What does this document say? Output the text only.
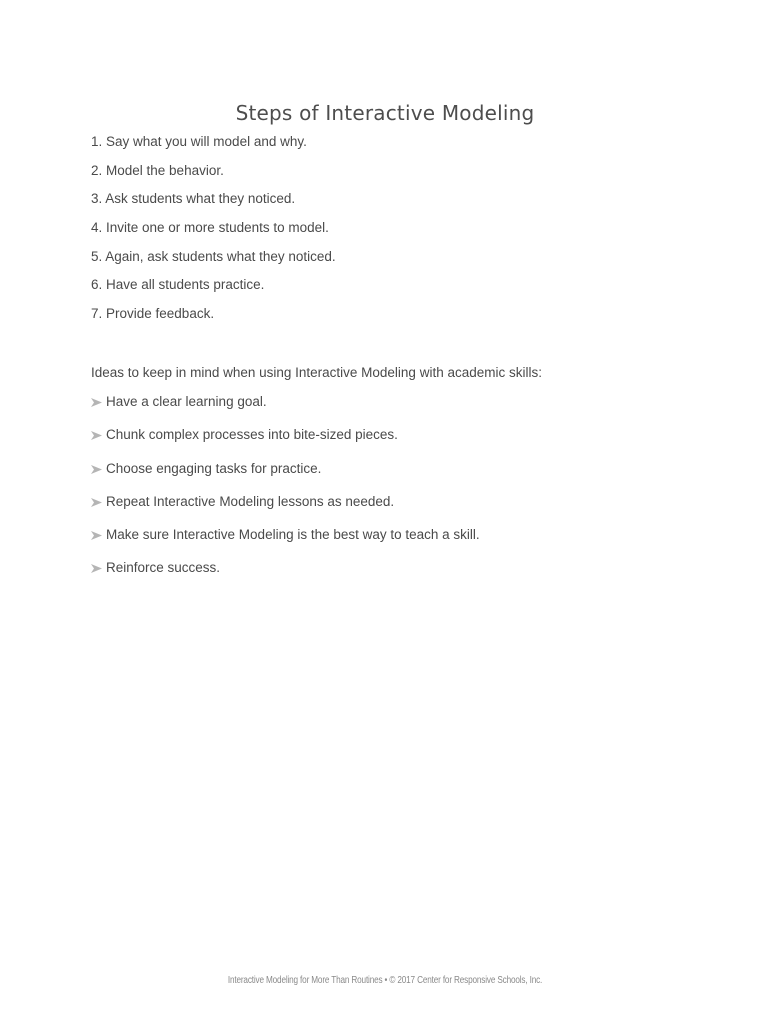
Steps of Interactive Modeling
1. Say what you will model and why.
2. Model the behavior.
3. Ask students what they noticed.
4. Invite one or more students to model.
5. Again, ask students what they noticed.
6. Have all students practice.
7. Provide feedback.
Ideas to keep in mind when using Interactive Modeling with academic skills:
Have a clear learning goal.
Chunk complex processes into bite-sized pieces.
Choose engaging tasks for practice.
Repeat Interactive Modeling lessons as needed.
Make sure Interactive Modeling is the best way to teach a skill.
Reinforce success.
Interactive Modeling for More Than Routines • © 2017 Center for Responsive Schools, Inc.
